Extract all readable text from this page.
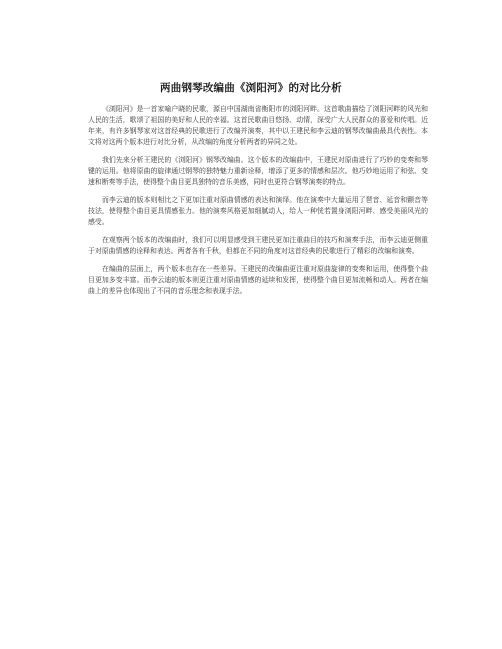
两曲钢琴改编曲《浏阳河》的对比分析

《浏阳河》是一首家喻户晓的民歌，源自中国湖南省衡阳市的浏阳河畔。这首歌曲描绘了浏阳河畔的风光和人民的生活，歌颂了祖国的美好和人民的幸福。这首民歌曲目悠扬、动情，深受广大人民群众的喜爱和传唱。近年来，有许多钢琴家对这首经典的民歌进行了改编并演奏，其中以王建民和李云迪的钢琴改编曲最具代表性。本文将对这两个版本进行对比分析，从改编的角度分析两者的异同之处。

我们先来分析王建民的《浏阳河》钢琴改编曲。这个版本的改编曲中，王建民对原曲进行了巧妙的变奏和琴键的运用。他将原曲的旋律通过钢琴的独特魅力重新诠释，增添了更多的情感和层次。他巧妙地运用了和弦、变速和断奏等手法，使得整个曲目更具独特的音乐美感，同时也更符合钢琴演奏的特点。

而李云迪的版本则相比之下更加注重对原曲情感的表达和演绎。他在演奏中大量运用了琶音、延音和颤音等技法，使得整个曲目更具情感张力。他的演奏风格更加细腻动人，给人一种恍若置身浏阳河畔、感受美丽风光的感受。

在观察两个版本的改编曲时，我们可以明显感受到王建民更加注重曲目的技巧和演奏手法，而李云迪更侧重于对原曲情感的诠释和表达。两者各有千秋，但都在不同的角度对这首经典的民歌进行了精彩的改编和演奏。

在编曲的层面上，两个版本也存在一些差异。王建民的改编曲更注重对原曲旋律的变奏和运用，使得整个曲目更加多变丰富。而李云迪的版本则更注重对原曲情感的延续和发挥，使得整个曲目更加流畅和动人。两者在编曲上的差异也体现出了不同的音乐理念和表现手法。
